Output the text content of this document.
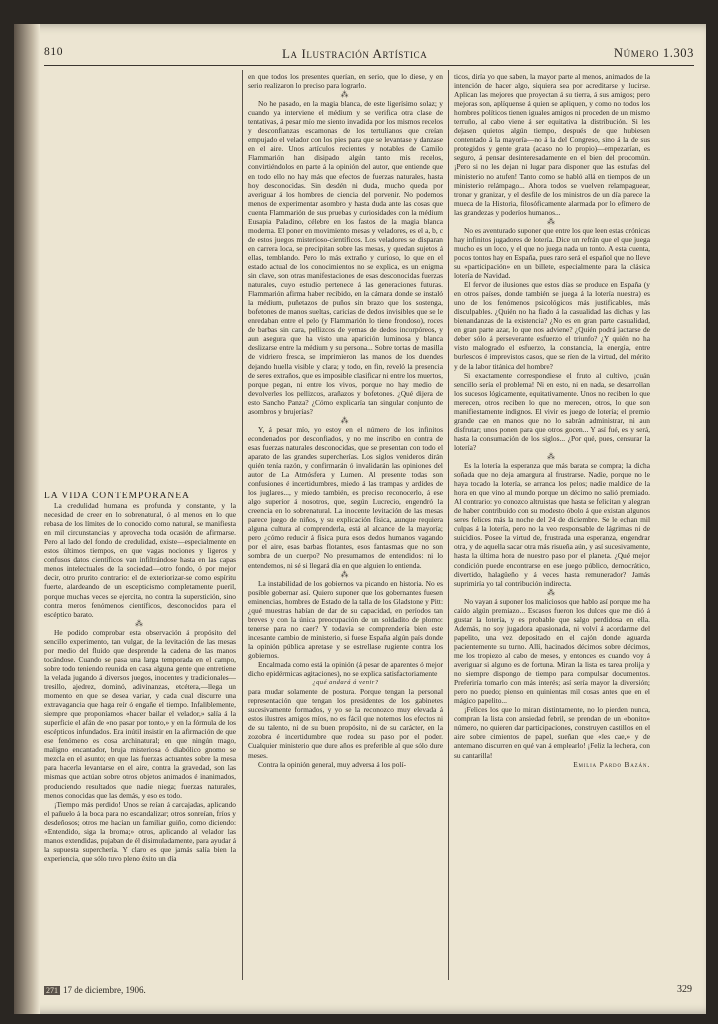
810	La Ilustración Artística	Número 1.303

LA VIDA CONTEMPORÁNEA

La credulidad humana es profunda y constante, y la necesidad de creer en lo sobrenatural, ó al menos en lo que rebasa de los límites de lo conocido como natural, se manifiesta en mil circunstancias y aprovecha toda ocasión de afirmarse. Pero al lado del fondo de credulidad, existe—especialmente en estos últimos tiempos, en que vagas nociones y ligeros y confusos datos científicos van infiltrándose hasta en las capas menos intelectuales de la sociedad—otro fondo, ó por mejor decir, otro prurito contrario: el de exteriorizar-se como espíritu fuerte, alardeando de un escepticismo completamente pueril, porque muchas veces se ejercita, no contra la superstición, sino contra meros fenómenos científicos, desconocidos para el escéptico barato.

⁂

He podido comprobar esta observación á propósito del sencillo experimento, tan vulgar, de la levitación de las mesas por medio del fluido que desprende la cadena de las manos tocándose. Cuando se pasa una larga temporada en el campo, sobre todo teniendo reunida en casa alguna gente que entretiene la velada jugando á diversos juegos, inocentes y tradicionales—tresillo, ajedrez, dominó, adivinanzas, etcétera,—llega un momento en que se desea variar, y cada cual discurre una extravagancia que haga reír ó engañe el tiempo. Infaliblemente, siempre que proponíamos «hacer bailar el velador,» salía á la superficie el afán de «no pasar por tonto,» y en la fórmula de los escépticos infundados. Era inútil insistir en la afirmación de que ese fenómeno es cosa archinatural; en que ningún mago, maligno encantador, bruja misteriosa ó diabólico gnomo se mezcla en el asunto; en que las fuerzas actuantes sobre la mesa para hacerla levantarse en el aire, contra la gravedad, son las mismas que actúan sobre otros objetos animados é inanimados, produciendo resultados que nadie niega; fuerzas naturales, menos conocidas que las demás, y eso es todo.

¡Tiempo más perdido! Unos se reían á carcajadas, aplicando el pañuelo á la boca para no escandalizar; otros sonreían, fríos y desdeñosos; otros me hacían un familiar guiño, como diciendo: «Entendido, siga la broma;» otros, aplicando al velador las manos extendidas, pujaban de él disimuladamente, para ayudar á la supuesta superchería. Y claro es que jamás salía bien la experiencia, que sólo tuvo pleno éxito un día

en que todos los presentes querían, en serio, que lo diese, y en serio realizaron lo preciso para lograrlo.

⁂

No he pasado, en la magia blanca, de este ligerísimo solaz; y cuando ya interviene el médium y se verifica otra clase de tentativas, á pesar mío me siento invadida por los mismos recelos y desconfianzas escamonas de los tertulianos que creían empujado el velador con los pies para que se levantase y danzase en el aire. Unos artículos recientes y notables de Camilo Flammarión han disipado algún tanto mis recelos, convirtiéndolos en parte á la opinión del autor, que entiende que en todo ello no hay más que efectos de fuerzas naturales, hasta hoy desconocidas. Sin desdén ni duda, mucho queda por averiguar á los hombres de ciencia del porvenir. No podemos menos de experimentar asombro y hasta duda ante las cosas que cuenta Flammarión de sus pruebas y curiosidades con la médium Eusapia Paladino, célebre en los fastos de la magia blanca moderna. El poner en movimiento mesas y veladores, es el a, b, c de estos juegos misterioso-científicos. Los veladores se disparan en carrera loca, se precipitan sobre las mesas, y quedan sujetos á ellas, temblando. Pero lo más extraño y curioso, lo que en el estado actual de los conocimientos no se explica, es un enigma sin clave, son otras manifestaciones de esas desconocidas fuerzas naturales, cuyo estudio pertenece á las generaciones futuras. Flammarión afirma haber recibido, en la cámara donde se instaló la médium, puñetazos de puños sin brazo que los sostenga, bofetones de manos sueltas, caricias de dedos invisibles que se le enredaban entre el pelo (y Flammarión lo tiene frondoso), roces de barbas sin cara, pellizcos de yemas de dedos incorpóreos, y aun asegura que ha visto una aparición luminosa y blanca deslizarse entre la médium y su persona... Sobre tortas de masilla de vidriero fresca, se imprimieron las manos de los duendes dejando huella visible y clara; y todo, en fin, reveló la presencia de seres extraños, que es imposible clasificar ni entre los muertos, porque pegan, ni entre los vivos, porque no hay medio de devolverles los pellizcos, arañazos y bofetones. ¿Qué dijera de esto Sancho Panza? ¿Cómo explicaría tan singular conjunto de asombros y brujerías?

⁂

Y, á pesar mío, yo estoy en el número de los infinitos econdenados por desconfiados, y no me inscribo en contra de esas fuerzas naturales desconocidas, que se presentan con todo el aparato de las grandes supercherías. Los siglos venideros dirán quién tenía razón, y confirmarán ó invalidarán las opiniones del autor de La Atmósfera y Lumen. Al presente todas son confusiones é incertidumbres, miedo á las trampas y ardides de los juglares..., y miedo también, es preciso reconocerlo, á ese algo superior á nosotros, que, según Lucrecio, engendró la creencia en lo sobrenatural. La inocente levitación de las mesas parece juego de niños, y su explicación física, aunque requiera alguna cultura al comprenderla, está al alcance de la mayoría; pero ¿cómo reducir á física pura esos dedos humanos vagando por el aire, esas barbas flotantes, esos fantasmas que no son sombra de un cuerpo? No presumamos de entendidos: ni lo entendemos, ni sé si llegará día en que alguien lo entienda.

⁂

La instabilidad de los gobiernos va picando en historia. No es posible gobernar así. Quiero suponer que los gobernantes fuesen eminencias, hombres de Estado de la talla de los Gladstone y Pitt: ¿qué muestras habían de dar de su capacidad, en períodos tan breves y con la única preocupación de un soldadito de plomo: tenerse para no caer? Y todavía se comprendería bien este incesante cambio de ministerio, si fuese España algún país donde la opinión pública apretase y se estrellase rugiente contra los gobiernos.

Encalmada como está la opinión (á pesar de aparentes ó mejor dicho epidérmicas agitaciones), no se explica satisfactoriamente

¿qué andará á venir?

para mudar solamente de postura. Porque tengan la personal representación que tengan los presidentes de los gabinetes sucesivamente formados, y yo se la reconozco muy elevada á estos ilustres amigos míos, no es fácil que notemos los efectos ni de su talento, ni de su buen propósito, ni de su carácter, en la zozobra é incertidumbre que rodea su paso por el poder. Cualquier ministerio que dure años es preferible al que sólo dure meses.

Contra la opinión general, muy adversa á los polí-

ticos, diría yo que saben, la mayor parte al menos, animados de la intención de hacer algo, siquiera sea por acreditarse y lucirse. Aplican las mejores que proyectan á su tierra, á sus amigos; pero mejoras son, aplíquense á quien se apliquen, y como no todos los hombres políticos tienen iguales amigos ni proceden de un mismo terruño, al cabo viene á ser equitativa la distribución. Si les dejasen quietos algún tiempo, después de que hubiesen contentado á la mayoría—no á la del Congreso, sino á la de sus protegidos y gente grata (acaso no lo propio)—empezarían, es seguro, á pensar desinteresadamente en el bien del procomún. ¡Pero si no les dejan ni lugar para disponer que las estufas del ministerio no atufen! Tanto como se habló allá en tiempos de un ministerio relámpago... Ahora todos se vuelven relampaguear, tronar y granizar, y el desfile de los ministros de un día parece la mueca de la Historia, filosóficamente alarmada por lo efímero de las grandezas y poderíos humanos...

⁂

No es aventurado suponer que entre los que leen estas crónicas hay infinitos jugadores de lotería. Dice un refrán que el que juega mucho es un loco, y el que no juega nada un tonto. A esta cuenta, pocos tontos hay en España, pues raro será el español que no lleve su «participación» en un billete, especialmente para la clásica lotería de Navidad.

El fervor de ilusiones que estos días se produce en España (y en otros países, donde también se juega á la lotería nuestra) es uno de los fenómenos psicológicos más justificables, más disculpables. ¿Quién no ha fiado á la casualidad las dichas y las bienandanzas de la existencia? ¿No es en gran parte casualidad, en gran parte azar, lo que nos adviene? ¿Quién podrá jactarse de deber sólo á perseverante esfuerzo el triunfo? ¿Y quién no ha visto malogrado el esfuerzo, la constancia, la energía, entre burlescos é imprevistos casos, que se ríen de la virtud, del mérito y de la labor titánica del hombre?

Si exactamente correspondiese el fruto al cultivo, ¡cuán sencillo sería el problema! Ni en esto, ni en nada, se desarrollan los sucesos lógicamente, equitativamente. Unos no reciben lo que merecen, otros reciben lo que no merecen, otros, lo que son manifiestamente indignos. El vivir es juego de lotería; el premio grande cae en manos que no lo sabrán administrar, ni aun disfrutar; unos ponen para que otros gocen... Y así fué, es y será, hasta la consumación de los siglos... ¿Por qué, pues, censurar la lotería?

⁂

Es la lotería la esperanza que más barata se compra; la dicha soñada que no deja amargura al frustrarse. Nadie, porque no le haya tocado la lotería, se arranca los pelos; nadie maldice de la hora en que vino al mundo porque un décimo no salió premiado. Al contrario: yo conozco altruistas que hasta se felicitan y alegran de haber contribuido con su modesto óbolo á que existan algunos seres felices más la noche del 24 de diciembre. Se le echan mil culpas á la lotería, pero no la veo responsable de lágrimas ni de suicidios. Posee la virtud de, frustrada una esperanza, engendrar otra, y de aquella sacar otra más risueña aún, y así sucesivamente, hasta la última hora de nuestro paso por el planeta. ¿Qué mejor condición puede encontrarse en ese juego público, democrático, divertido, halagüeño y á veces hasta remunerador? Jamás suprimiría yo tal contribución indirecta.

⁂

No vayan á suponer los maliciosos que hablo así porque me ha caído algún premiazo... Escasos fueron los dulces que me dió á gustar la lotería, y es probable que salgo perdidosa en ella. Además, no soy jugadora apasionada, ni volví á acordarme del papelito, una vez depositado en el cajón donde aguarda pacientemente su turno. Allí, hacinados décimos sobre décimos, me los tropiezo al cabo de meses, y entonces es cuando voy á averiguar si alguno es de fortuna. Miran la lista es tarea prolija y no siempre dispongo de tiempo para compulsar documentos. Preferiría tomarlo con más interés; así sería mayor la diversión; pero no puedo; pienso en quinientas mil cosas antes que en el mágico papelito...

¡Felices los que lo miran distintamente, no lo pierden nunca, compran la lista con ansiedad febril, se prendan de un «bonito» número, no quieren dar participaciones, construyen castillos en el aire sobre cimientos de papel, sueñan que «les cae,» y de antemano discurren en qué van á emplearlo! ¡Feliz la lechera, con su cantarilla!

Emilia Pardo Bazán.

271 17 de diciembre, 1906.	329
